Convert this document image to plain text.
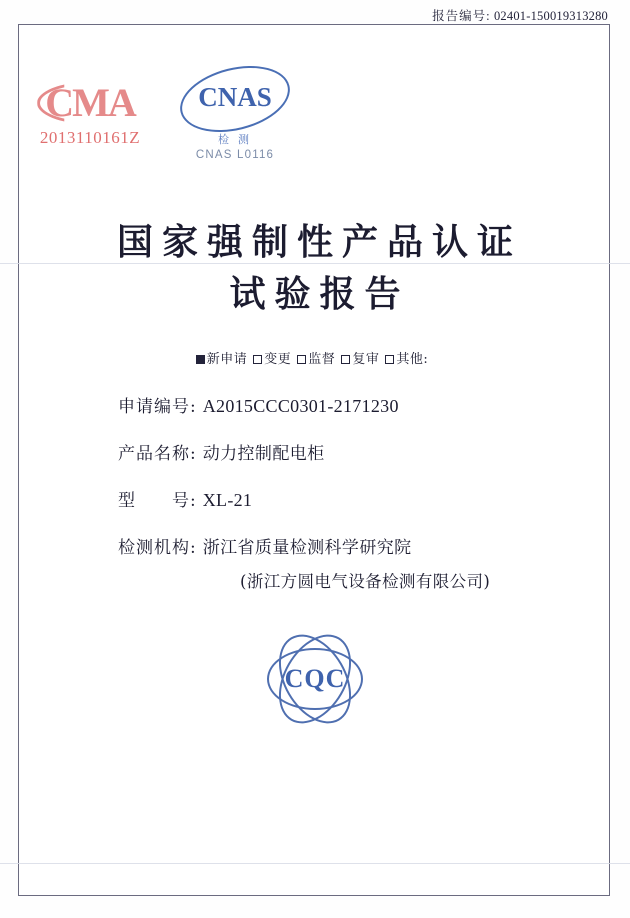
报告编号: 02401-150019313280
CMA
2013110161Z
CNAS
检 测
CNAS L0116
国家强制性产品认证
试验报告
新申请 变更 监督 复审 其他:
申请编号: A2015CCC0301-2171230
产品名称: 动力控制配电柜
型　　号: XL-21
检测机构: 浙江省质量检测科学研究院
(浙江方圆电气设备检测有限公司)
CQC
